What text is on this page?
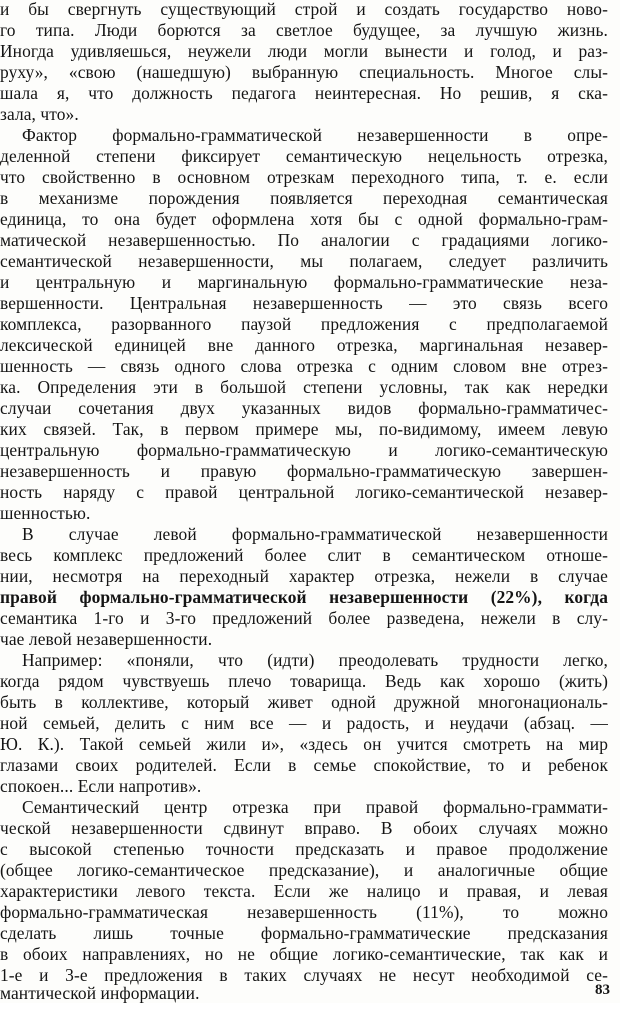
и бы свергнуть существующий строй и создать государство ново-
го типа. Люди борются за светлое будущее, за лучшую жизнь.
Иногда удивляешься, неужели люди могли вынести и голод, и раз-
руху», «свою (нашедшую) выбранную специальность. Многое слы-
шала я, что должность педагога неинтересная. Но решив, я ска-
зала, что».
Фактор формально-грамматической незавершенности в опре-
деленной степени фиксирует семантическую нецельность отрезка,
что свойственно в основном отрезкам переходного типа, т. е. если
в механизме порождения появляется переходная семантическая
единица, то она будет оформлена хотя бы с одной формально-грам-
матической незавершенностью. По аналогии с градациями логико-
семантической незавершенности, мы полагаем, следует различить
и центральную и маргинальную формально-грамматические неза-
вершенности. Центральная незавершенность — это связь всего
комплекса, разорванного паузой предложения с предполагаемой
лексической единицей вне данного отрезка, маргинальная незавер-
шенность — связь одного слова отрезка с одним словом вне отрез-
ка. Определения эти в большой степени условны, так как нередки
случаи сочетания двух указанных видов формально-грамматичес-
ких связей. Так, в первом примере мы, по-видимому, имеем левую
центральную формально-грамматическую и логико-семантическую
незавершенность и правую формально-грамматическую завершен-
ность наряду с правой центральной логико-семантической незавер-
шенностью.
В случае левой формально-грамматической незавершенности
весь комплекс предложений более слит в семантическом отноше-
нии, несмотря на переходный характер отрезка, нежели в случае
правой формально-грамматической незавершенности (22%), когда
семантика 1-го и 3-го предложений более разведена, нежели в слу-
чае левой незавершенности.
Например: «поняли, что (идти) преодолевать трудности легко,
когда рядом чувствуешь плечо товарища. Ведь как хорошо (жить)
быть в коллективе, который живет одной дружной многонациональ-
ной семьей, делить с ним все — и радость, и неудачи (абзац. —
Ю. К.). Такой семьей жили и», «здесь он учится смотреть на мир
глазами своих родителей. Если в семье спокойствие, то и ребенок
спокоен... Если напротив».
Семантический центр отрезка при правой формально-граммати-
ческой незавершенности сдвинут вправо. В обоих случаях можно
с высокой степенью точности предсказать и правое продолжение
(общее логико-семантическое предсказание), и аналогичные общие
характеристики левого текста. Если же налицо и правая, и левая
формально-грамматическая незавершенность (11%), то можно
сделать лишь точные формально-грамматические предсказания
в обоих направлениях, но не общие логико-семантические, так как и
1-е и 3-е предложения в таких случаях не несут необходимой се-
мантической информации.	83
